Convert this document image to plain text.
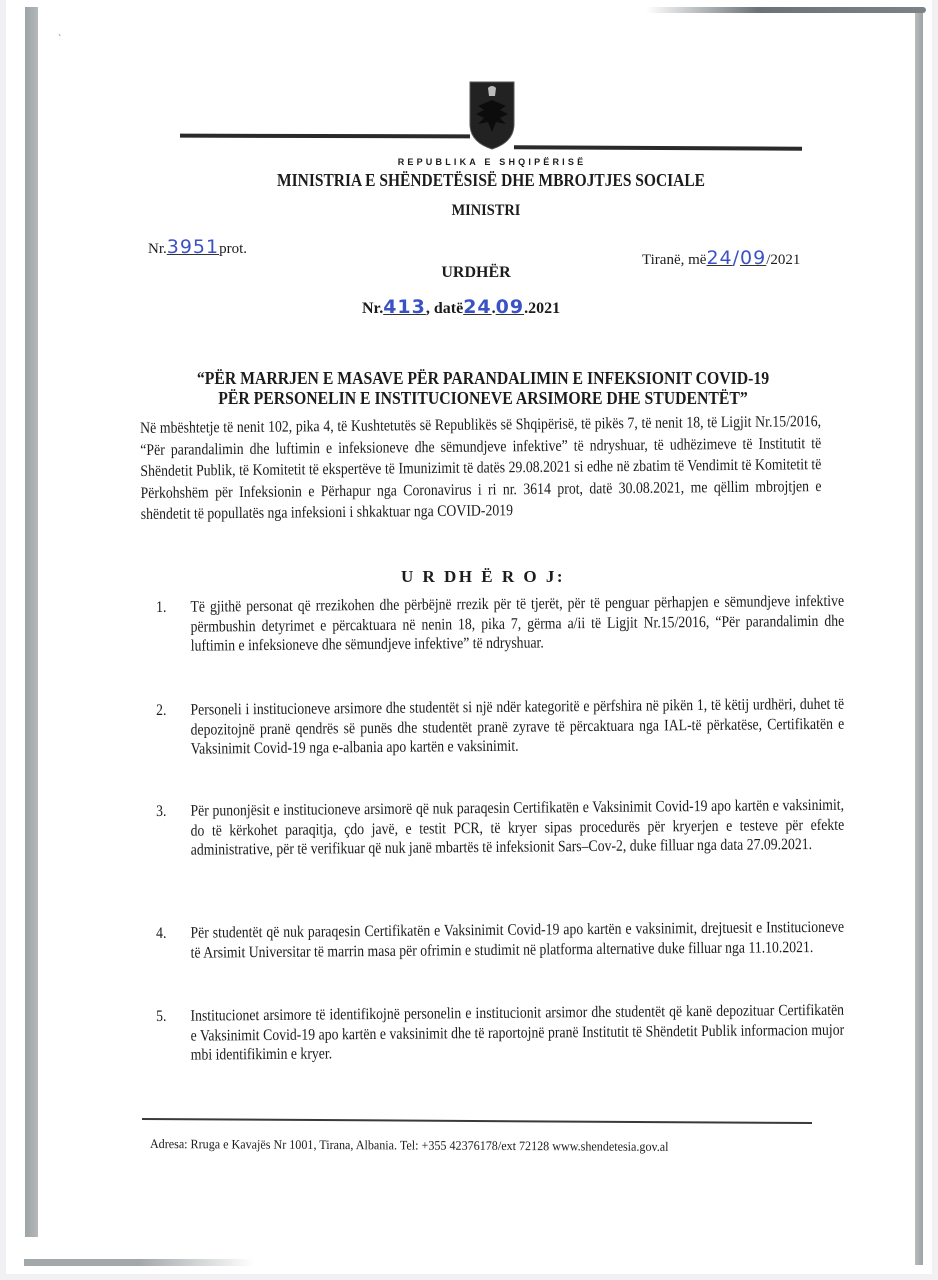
ˋ
REPUBLIKA E SHQIPËRISË
MINISTRIA E SHËNDETËSISË DHE MBROJTJES SOCIALE
MINISTRI
Nr.3951prot.
Tiranë, më24/09/2021
URDHËR
Nr.413, datë24.09.2021
“PËR MARRJEN E MASAVE PËR PARANDALIMIN E INFEKSIONIT COVID-19
PËR PERSONELIN E INSTITUCIONEVE ARSIMORE DHE STUDENTËT”
Në mbështetje të nenit 102, pika 4, të Kushtetutës së Republikës së Shqipërisë, të pikës 7, të nenit 18, të Ligjit Nr.15/2016, “Për parandalimin dhe luftimin e infeksioneve dhe sëmundjeve infektive” të ndryshuar, të udhëzimeve të Institutit të Shëndetit Publik, të Komitetit të ekspertëve të Imunizimit të datës 29.08.2021 si edhe në zbatim të Vendimit të Komitetit të Përkohshëm për Infeksionin e Përhapur nga Coronavirus i ri nr. 3614 prot, datë 30.08.2021, me qëllim mbrojtjen e shëndetit të popullatës nga infeksioni i shkaktuar nga COVID-2019
U R DH Ë R O J:
1. Të gjithë personat që rrezikohen dhe përbëjnë rrezik për të tjerët, për të penguar përhapjen e sëmundjeve infektive përmbushin detyrimet e përcaktuara në nenin 18, pika 7, gërma a/ii të Ligjit Nr.15/2016, “Për parandalimin dhe luftimin e infeksioneve dhe sëmundjeve infektive” të ndryshuar.
2. Personeli i institucioneve arsimore dhe studentët si një ndër kategoritë e përfshira në pikën 1, të këtij urdhëri, duhet të depozitojnë pranë qendrës së punës dhe studentët pranë zyrave të përcaktuara nga IAL-të përkatëse, Certifikatën e Vaksinimit Covid-19 nga e-albania apo kartën e vaksinimit.
3. Për punonjësit e institucioneve arsimorë që nuk paraqesin Certifikatën e Vaksinimit Covid-19 apo kartën e vaksinimit, do të kërkohet paraqitja, çdo javë, e testit PCR, të kryer sipas procedurës për kryerjen e testeve për efekte administrative, për të verifikuar që nuk janë mbartës të infeksionit Sars–Cov-2, duke filluar nga data 27.09.2021.
4. Për studentët që nuk paraqesin Certifikatën e Vaksinimit Covid-19 apo kartën e vaksinimit, drejtuesit e Institucioneve të Arsimit Universitar të marrin masa për ofrimin e studimit në platforma alternative duke filluar nga 11.10.2021.
5. Institucionet arsimore të identifikojnë personelin e institucionit arsimor dhe studentët që kanë depozituar Certifikatën e Vaksinimit Covid-19 apo kartën e vaksinimit dhe të raportojnë pranë Institutit të Shëndetit Publik informacion mujor mbi identifikimin e kryer.
Adresa: Rruga e Kavajës Nr 1001, Tirana, Albania. Tel: +355 42376178/ext 72128 www.shendetesia.gov.al
